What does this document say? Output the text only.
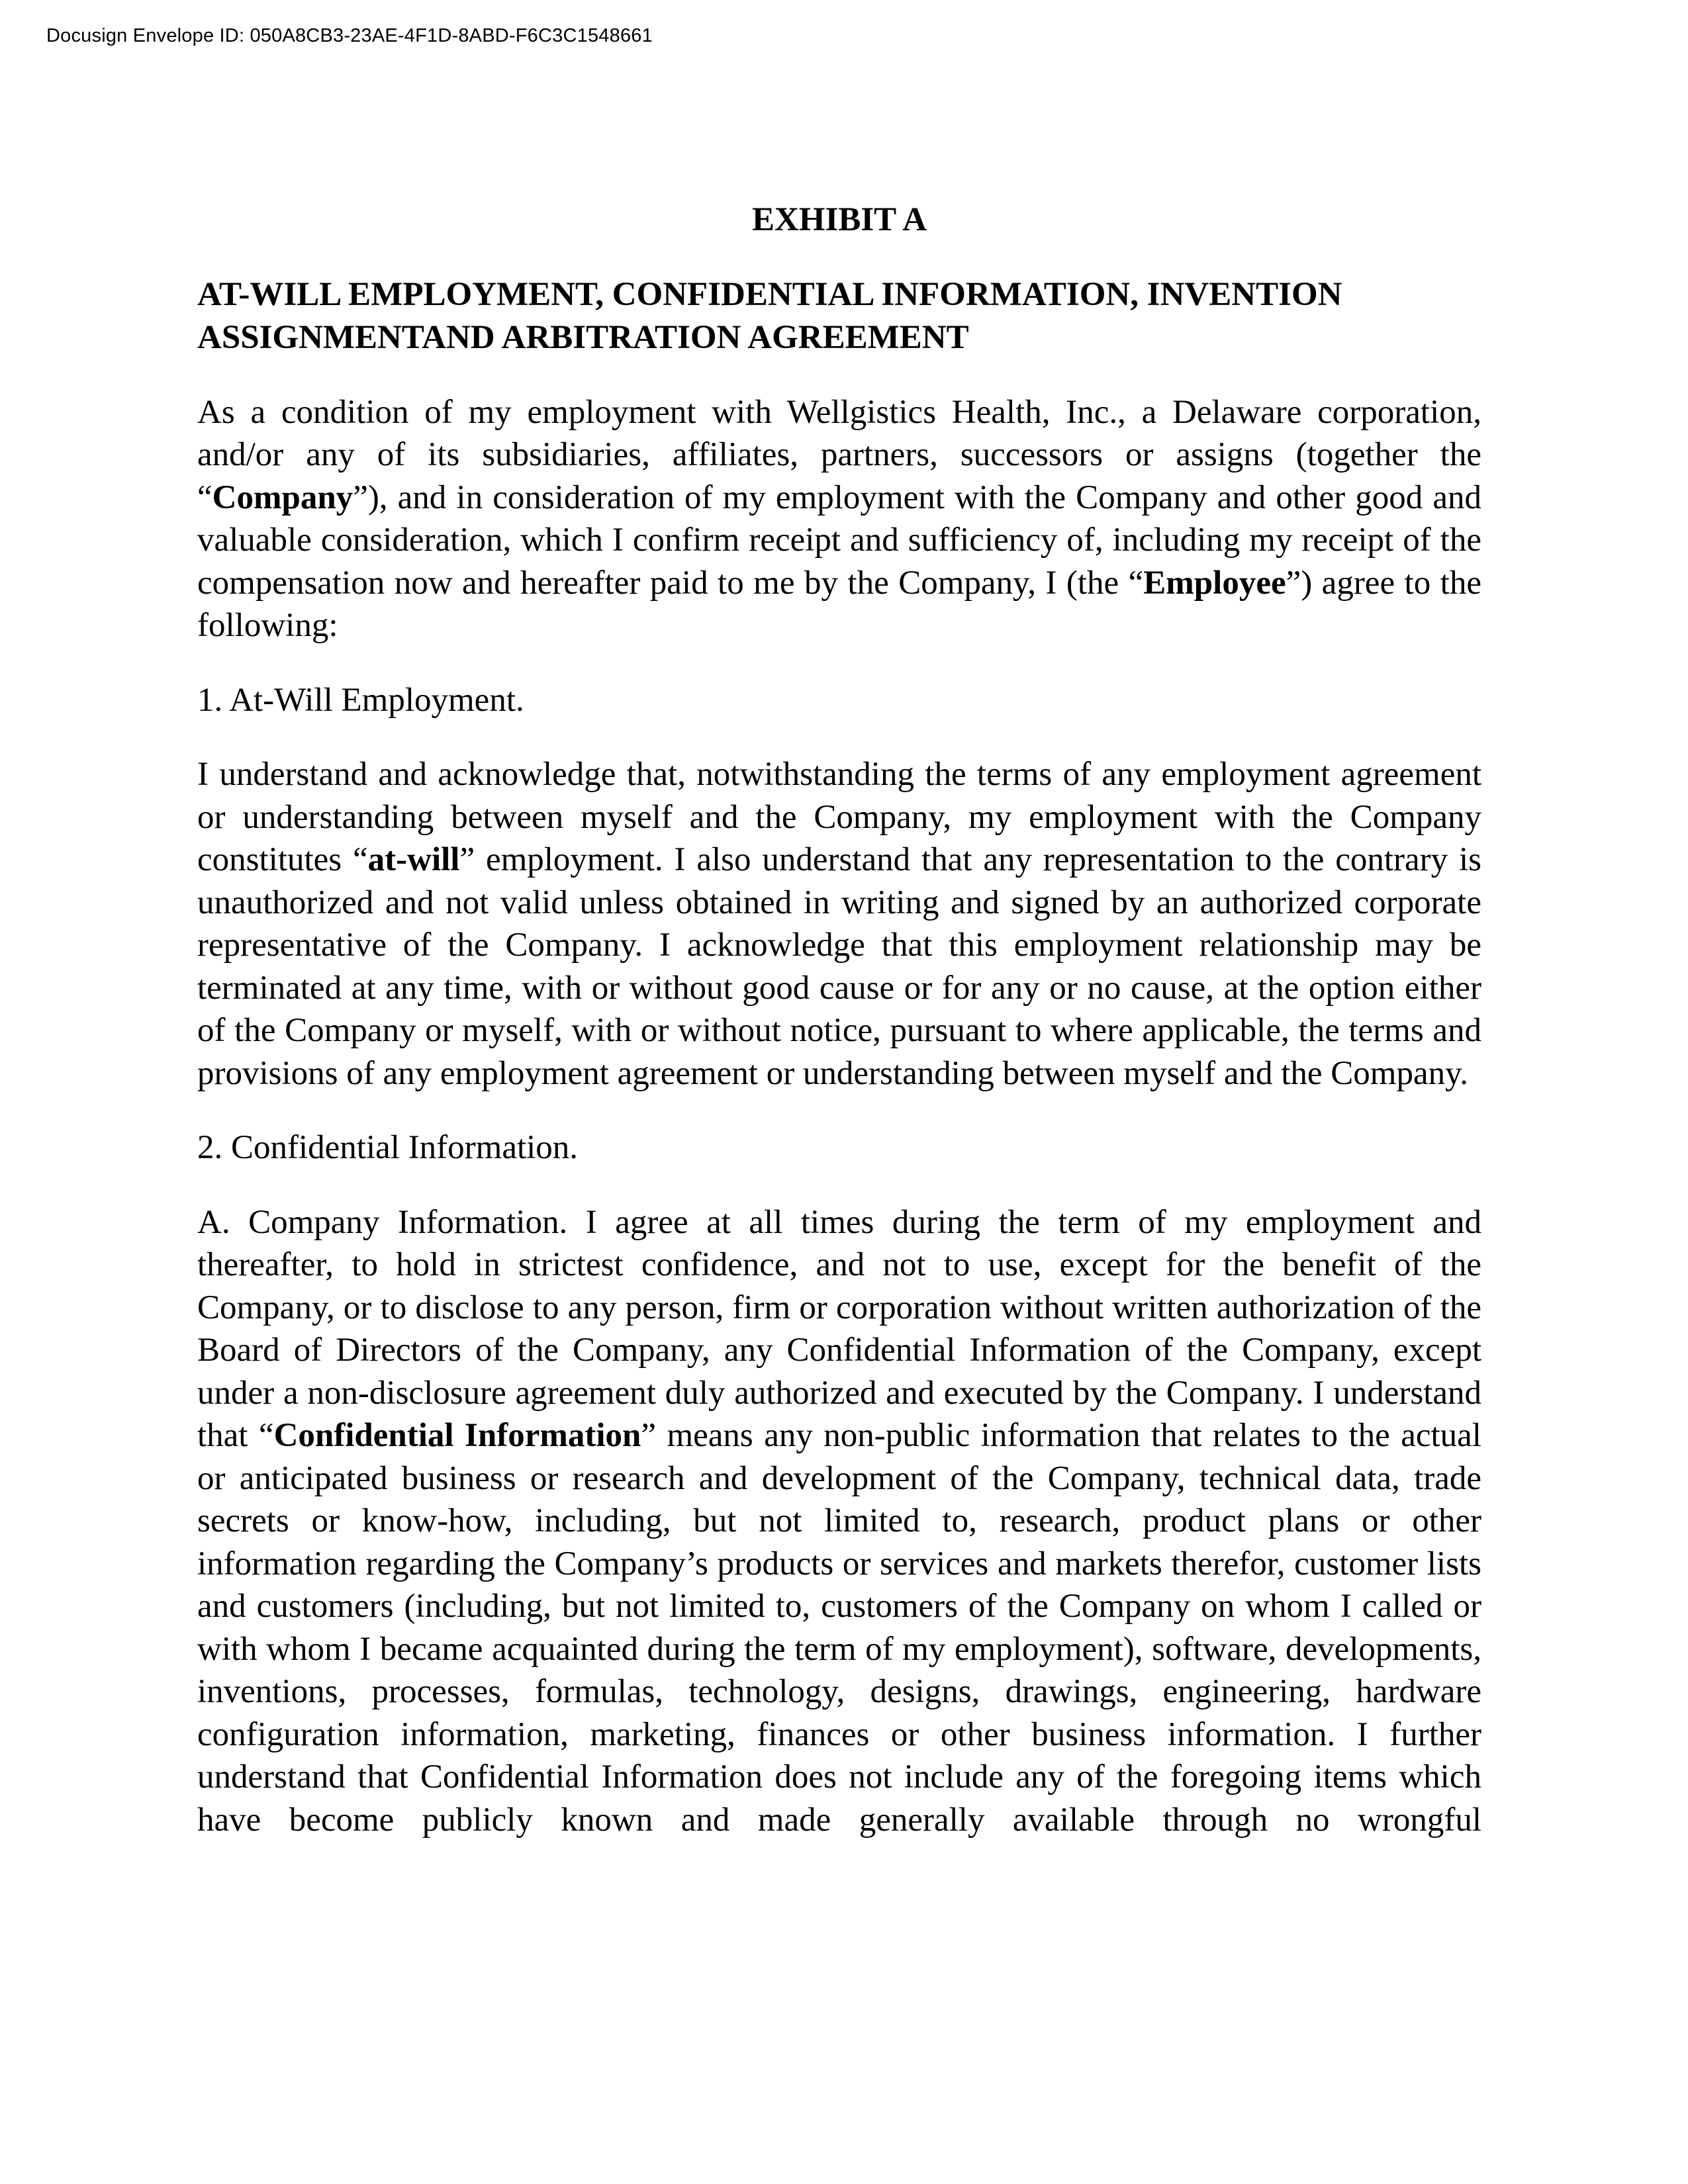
Docusign Envelope ID: 050A8CB3-23AE-4F1D-8ABD-F6C3C1548661
EXHIBIT A
AT-WILL EMPLOYMENT, CONFIDENTIAL INFORMATION, INVENTION
ASSIGNMENTAND ARBITRATION AGREEMENT

As a condition of my employment with Wellgistics Health, Inc., a Delaware corporation, and/or any of its subsidiaries, affiliates, partners, successors or assigns (together the “Company”), and in consideration of my employment with the Company and other good and valuable consideration, which I confirm receipt and sufficiency of, including my receipt of the compensation now and hereafter paid to me by the Company, I (the “Employee”) agree to the following:

1. At-Will Employment.

I understand and acknowledge that, notwithstanding the terms of any employment agreement or understanding between myself and the Company, my employment with the Company constitutes “at-will” employment. I also understand that any representation to the contrary is unauthorized and not valid unless obtained in writing and signed by an authorized corporate representative of the Company. I acknowledge that this employment relationship may be terminated at any time, with or without good cause or for any or no cause, at the option either of the Company or myself, with or without notice, pursuant to where applicable, the terms and provisions of any employment agreement or understanding between myself and the Company.

2. Confidential Information.

A. Company Information. I agree at all times during the term of my employment and thereafter, to hold in strictest confidence, and not to use, except for the benefit of the Company, or to disclose to any person, firm or corporation without written authorization of the Board of Directors of the Company, any Confidential Information of the Company, except under a non-disclosure agreement duly authorized and executed by the Company. I understand that “Confidential Information” means any non-public information that relates to the actual or anticipated business or research and development of the Company, technical data, trade secrets or know-how, including, but not limited to, research, product plans or other information regarding the Company’s products or services and markets therefor, customer lists and customers (including, but not limited to, customers of the Company on whom I called or with whom I became acquainted during the term of my employment), software, developments, inventions, processes, formulas, technology, designs, drawings, engineering, hardware configuration information, marketing, finances or other business information. I further understand that Confidential Information does not include any of the foregoing items which have become publicly known and made generally available through no wrongful
